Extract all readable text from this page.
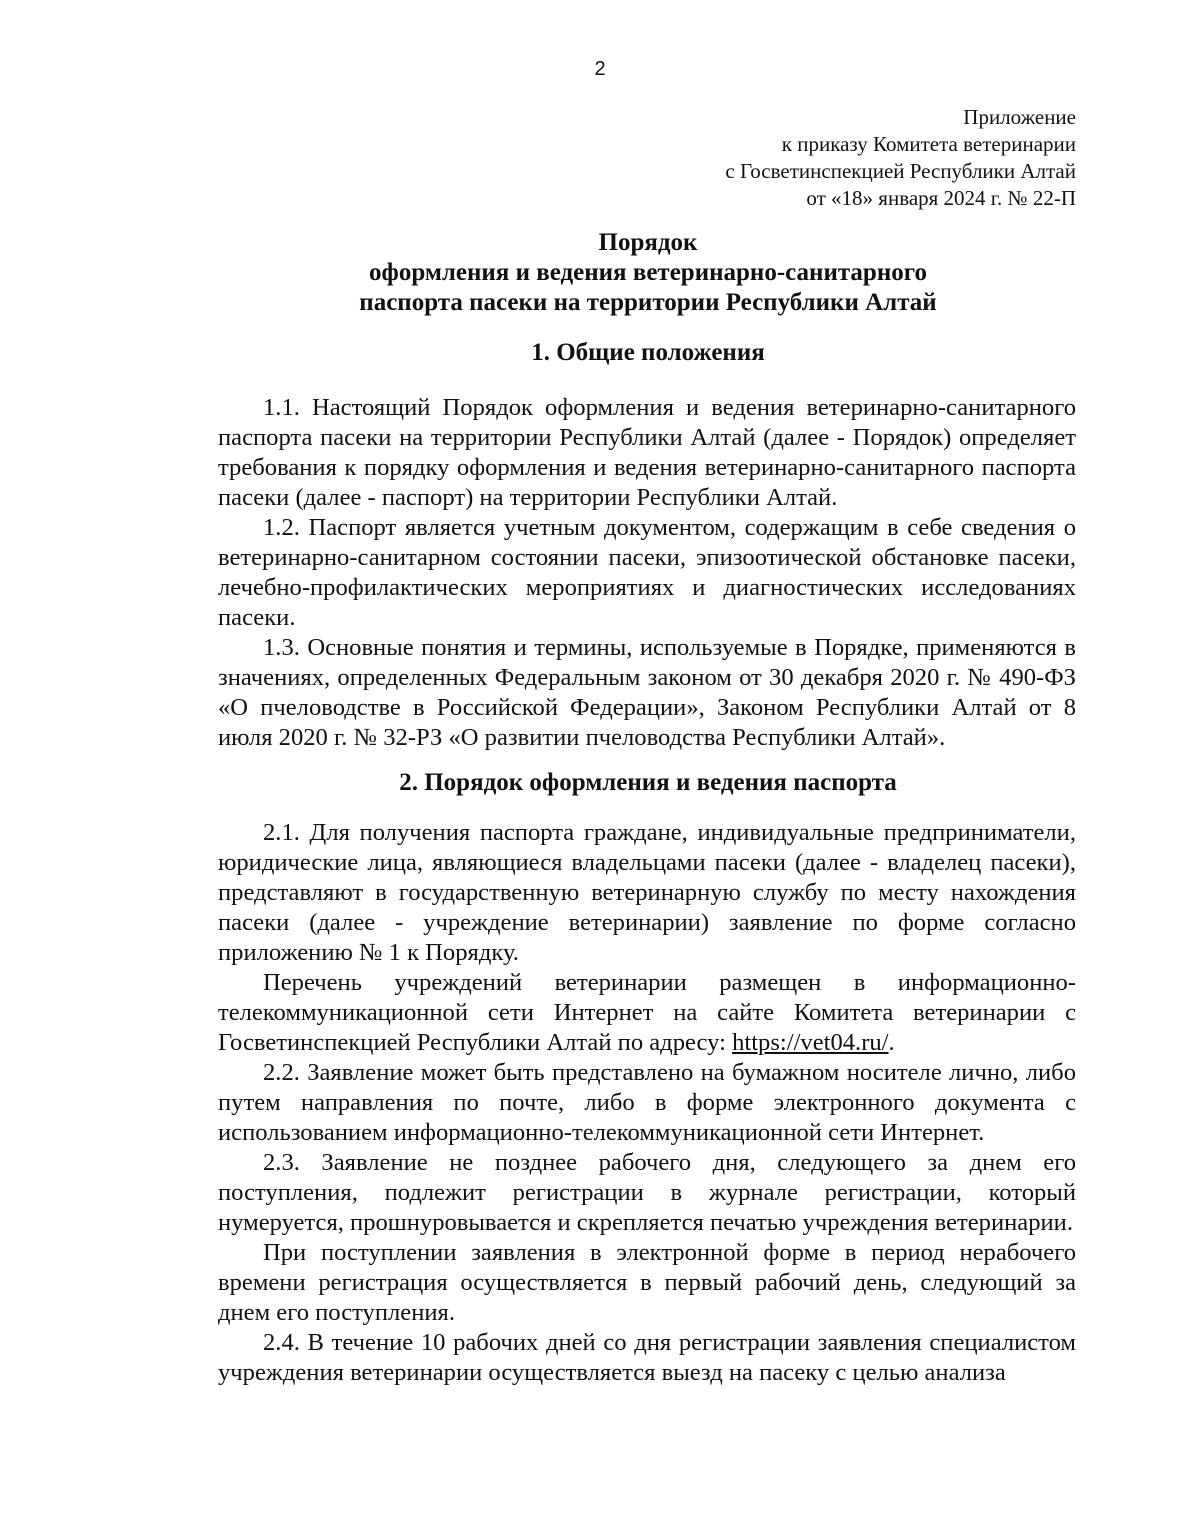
2
Приложение
к приказу Комитета ветеринарии
с Госветинспекцией Республики Алтай
от «18» января 2024 г. № 22-П
Порядок
оформления и ведения ветеринарно-санитарного
паспорта пасеки на территории Республики Алтай
1. Общие положения

1.1. Настоящий Порядок оформления и ведения ветеринарно-санитарного паспорта пасеки на территории Республики Алтай (далее - Порядок) определяет требования к порядку оформления и ведения ветеринарно-санитарного паспорта пасеки (далее - паспорт) на территории Республики Алтай.

1.2. Паспорт является учетным документом, содержащим в себе сведения о ветеринарно-санитарном состоянии пасеки, эпизоотической обстановке пасеки, лечебно-профилактических мероприятиях и диагностических исследованиях пасеки.

1.3. Основные понятия и термины, используемые в Порядке, применяются в значениях, определенных Федеральным законом от 30 декабря 2020 г. № 490-ФЗ «О пчеловодстве в Российской Федерации», Законом Республики Алтай от 8 июля 2020 г. № 32-РЗ «О развитии пчеловодства Республики Алтай».

2. Порядок оформления и ведения паспорта

2.1. Для получения паспорта граждане, индивидуальные предприниматели, юридические лица, являющиеся владельцами пасеки (далее - владелец пасеки), представляют в государственную ветеринарную службу по месту нахождения пасеки (далее - учреждение ветеринарии) заявление по форме согласно приложению № 1 к Порядку.

Перечень учреждений ветеринарии размещен в информационно-телекоммуникационной сети Интернет на сайте Комитета ветеринарии с Госветинспекцией Республики Алтай по адресу: https://vet04.ru/.

2.2. Заявление может быть представлено на бумажном носителе лично, либо путем направления по почте, либо в форме электронного документа с использованием информационно-телекоммуникационной сети Интернет.

2.3. Заявление не позднее рабочего дня, следующего за днем его поступления, подлежит регистрации в журнале регистрации, который нумеруется, прошнуровывается и скрепляется печатью учреждения ветеринарии.

При поступлении заявления в электронной форме в период нерабочего времени регистрация осуществляется в первый рабочий день, следующий за днем его поступления.

2.4. В течение 10 рабочих дней со дня регистрации заявления специалистом учреждения ветеринарии осуществляется выезд на пасеку с целью анализа
